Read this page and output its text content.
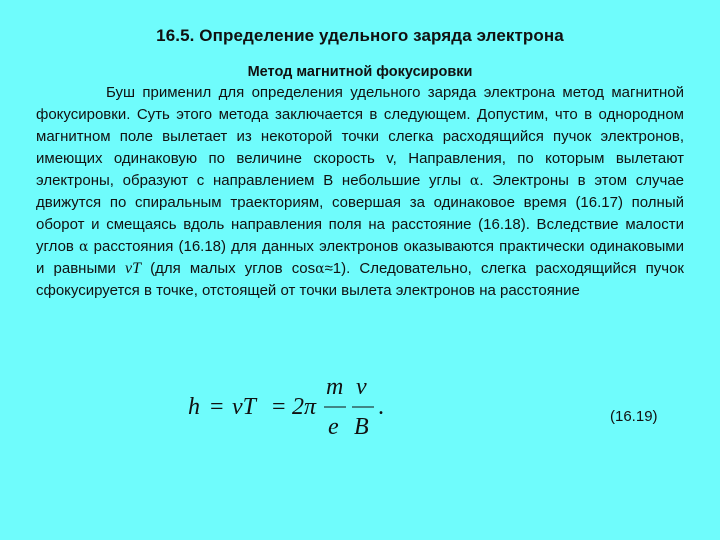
16.5. Определение удельного заряда электрона
Метод магнитной фокусировки

Буш применил для определения удельного заряда электрона метод магнитной фокусировки. Суть этого метода заключается в следующем. Допустим, что в однородном магнитном поле вылетает из некоторой точки слегка расходящийся пучок электронов, имеющих одинаковую по величине скорость v, Направления, по которым вылетают электроны, образуют с направлением B небольшие углы α. Электроны в этом случае движутся по спиральным траекториям, совершая за одинаковое время (16.17) полный оборот и смещаясь вдоль направления поля на расстояние (16.18). Вследствие малости углов α расстояния (16.18) для данных электронов оказываются практически одинаковыми и равными vT (для малых углов cosα≈1). Следовательно, слегка расходящийся пучок сфокусируется в точке, отстоящей от точки вылета электронов на расстояние

h = vT = 2π
m
e
v
B
.	(16.19)
